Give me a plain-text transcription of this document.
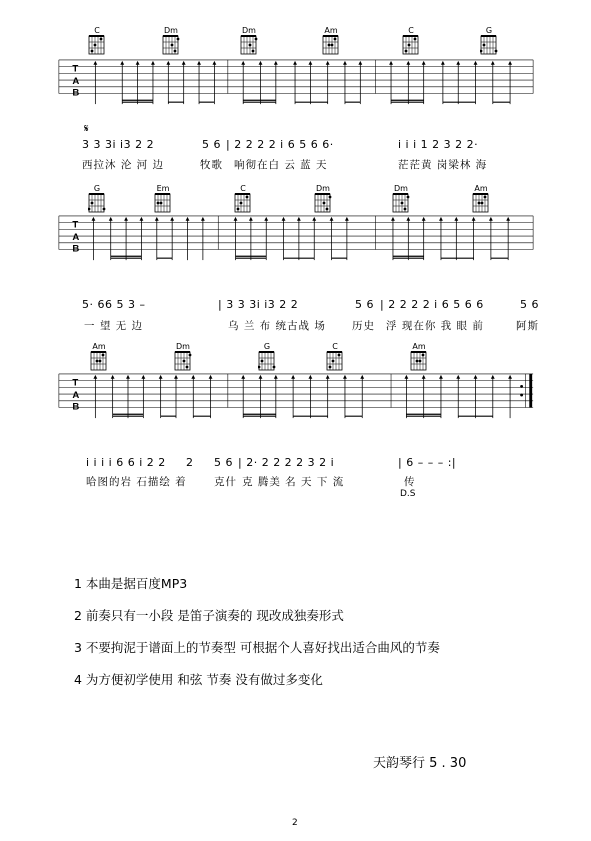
C	Dm	Dm	Am	C	G
T
A
B
𝄋
3 3 3i i3 2 2	5 6 | 2 2 2 2 i 6 5 6 6·	i i i 1 2 3 2 2·
西拉沐 沦 河 边	牧歌 响彻在白 云 蓝 天	茫茫黄 岗梁林 海
G	Em	C	Dm	Dm	Am
T
A
B
5· 66 5 3 –	| 3 3 3i i3 2 2	5 6 | 2 2 2 2 i 6 5 6 6	5 6
一 望 无 边	乌 兰 布 统古战 场 历史 浮 现在你 我 眼 前	阿斯
Am	Dm	G	C	Am
T
A
B
i i i i 6 6 i 2 2 2 5 6 | 2· 2 2 2 2 3 2 i	| 6 – – – :|
哈图的岩 石描绘 着	克什 克 腾美 名 天 下 流	传
D.S
1 本曲是据百度MP3
2 前奏只有一小段 是笛子演奏的 现改成独奏形式
3 不要拘泥于谱面上的节奏型 可根据个人喜好找出适合曲风的节奏
4 为方便初学使用 和弦 节奏 没有做过多变化
天韵琴行 5 . 30
2
